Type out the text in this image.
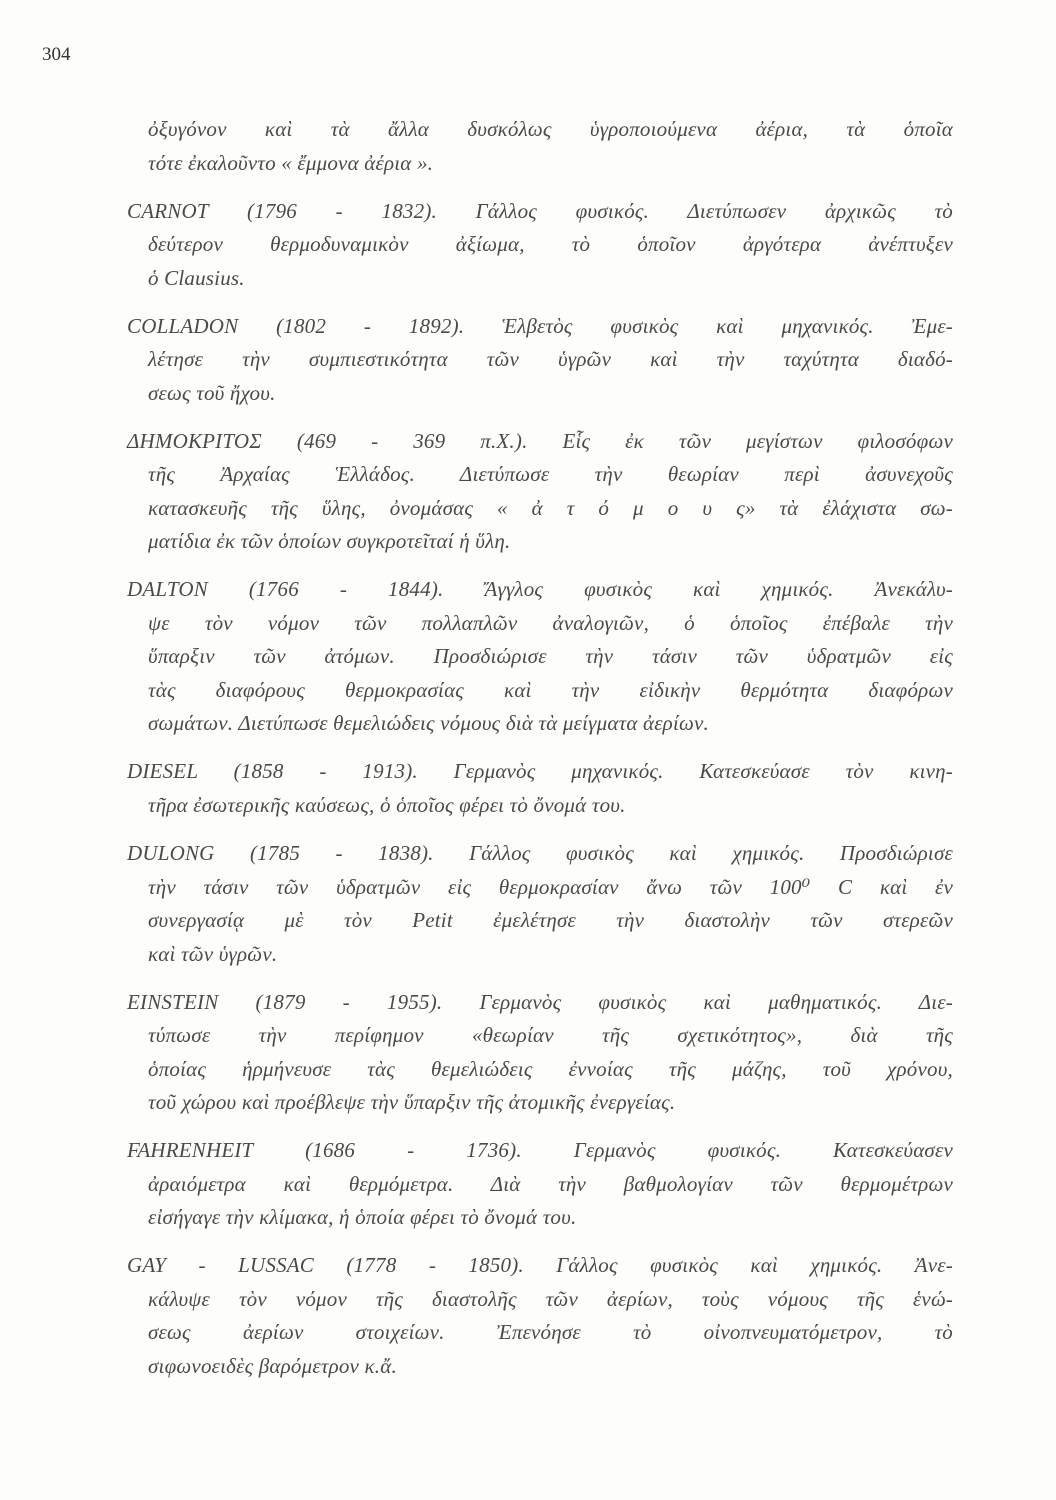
304
ὀξυγόνον καὶ τὰ ἄλλα δυσκόλως ὑγροποιούμενα ἀέρια, τὰ ὁποῖα
τότε ἐκαλοῦντο « ἔμμονα ἀέρια ».
CARNOT (1796 - 1832). Γάλλος φυσικός. Διετύπωσεν ἀρχικῶς τὸ
δεύτερον θερμοδυναμικὸν ἀξίωμα, τὸ ὁποῖον ἀργότερα ἀνέπτυξεν
ὁ Clausius.
COLLADON (1802 - 1892). Ἑλβετὸς φυσικὸς καὶ μηχανικός. Ἐμε-
λέτησε τὴν συμπιεστικότητα τῶν ὑγρῶν καὶ τὴν ταχύτητα διαδό-
σεως τοῦ ἤχου.
ΔΗΜΟΚΡΙΤΟΣ (469 - 369 π.Χ.). Εἷς ἐκ τῶν μεγίστων φιλοσόφων
τῆς Ἀρχαίας Ἑλλάδος. Διετύπωσε τὴν θεωρίαν περὶ ἀσυνεχοῦς
κατασκευῆς τῆς ὕλης, ὀνομάσας « ἀ τ ό μ ο υ ς» τὰ ἐλάχιστα σω-
ματίδια ἐκ τῶν ὁποίων συγκροτεῖταί ἡ ὕλη.
DALTON (1766 - 1844). Ἄγγλος φυσικὸς καὶ χημικός. Ἀνεκάλυ-
ψε τὸν νόμον τῶν πολλαπλῶν ἀναλογιῶν, ὁ ὁποῖος ἐπέβαλε τὴν
ὕπαρξιν τῶν ἀτόμων. Προσδιώρισε τὴν τάσιν τῶν ὑδρατμῶν εἰς
τὰς διαφόρους θερμοκρασίας καὶ τὴν εἰδικὴν θερμότητα διαφόρων
σωμάτων. Διετύπωσε θεμελιώδεις νόμους διὰ τὰ μείγματα ἀερίων.
DIESEL (1858 - 1913). Γερμανὸς μηχανικός. Κατεσκεύασε τὸν κινη-
τῆρα ἐσωτερικῆς καύσεως, ὁ ὁποῖος φέρει τὸ ὄνομά του.
DULONG (1785 - 1838). Γάλλος φυσικὸς καὶ χημικός. Προσδιώρισε
τὴν τάσιν τῶν ὑδρατμῶν εἰς θερμοκρασίαν ἄνω τῶν 100⁰ C καὶ ἐν
συνεργασίᾳ μὲ τὸν Petit ἐμελέτησε τὴν διαστολὴν τῶν στερεῶν
καὶ τῶν ὑγρῶν.
EINSTEIN (1879 - 1955). Γερμανὸς φυσικὸς καὶ μαθηματικός. Διε-
τύπωσε τὴν περίφημον «θεωρίαν τῆς σχετικότητος», διὰ τῆς
ὁποίας ἡρμήνευσε τὰς θεμελιώδεις ἐννοίας τῆς μάζης, τοῦ χρόνου,
τοῦ χώρου καὶ προέβλεψε τὴν ὕπαρξιν τῆς ἀτομικῆς ἐνεργείας.
FAHRENHEIT (1686 - 1736). Γερμανὸς φυσικός. Κατεσκεύασεν
ἀραιόμετρα καὶ θερμόμετρα. Διὰ τὴν βαθμολογίαν τῶν θερμομέτρων
εἰσήγαγε τὴν κλίμακα, ἡ ὁποία φέρει τὸ ὄνομά του.
GAY - LUSSAC (1778 - 1850). Γάλλος φυσικὸς καὶ χημικός. Ἀνε-
κάλυψε τὸν νόμον τῆς διαστολῆς τῶν ἀερίων, τοὺς νόμους τῆς ἑνώ-
σεως ἀερίων στοιχείων. Ἐπενόησε τὸ οἰνοπνευματόμετρον, τὸ
σιφωνοειδὲς βαρόμετρον κ.ἄ.
